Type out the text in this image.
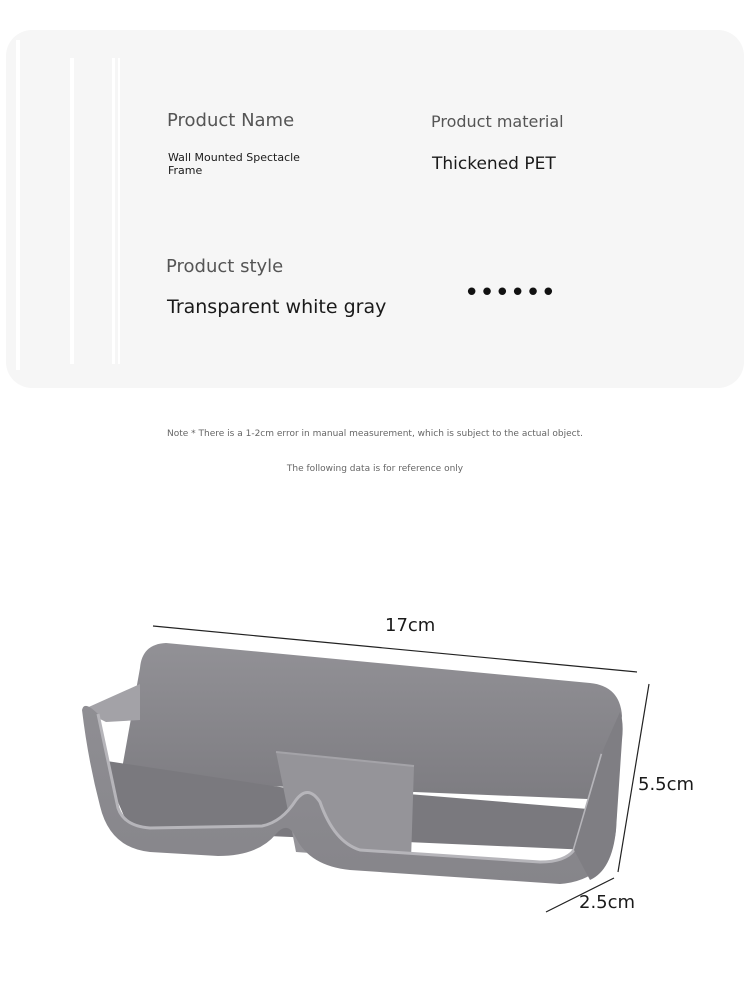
Product Name
Wall Mounted Spectacle Frame
Product material
Thickened PET
Product style
Transparent white gray	••••••
Note * There is a 1-2cm error in manual measurement, which is subject to the actual object.
The following data is for reference only
17cm
5.5cm
2.5cm
